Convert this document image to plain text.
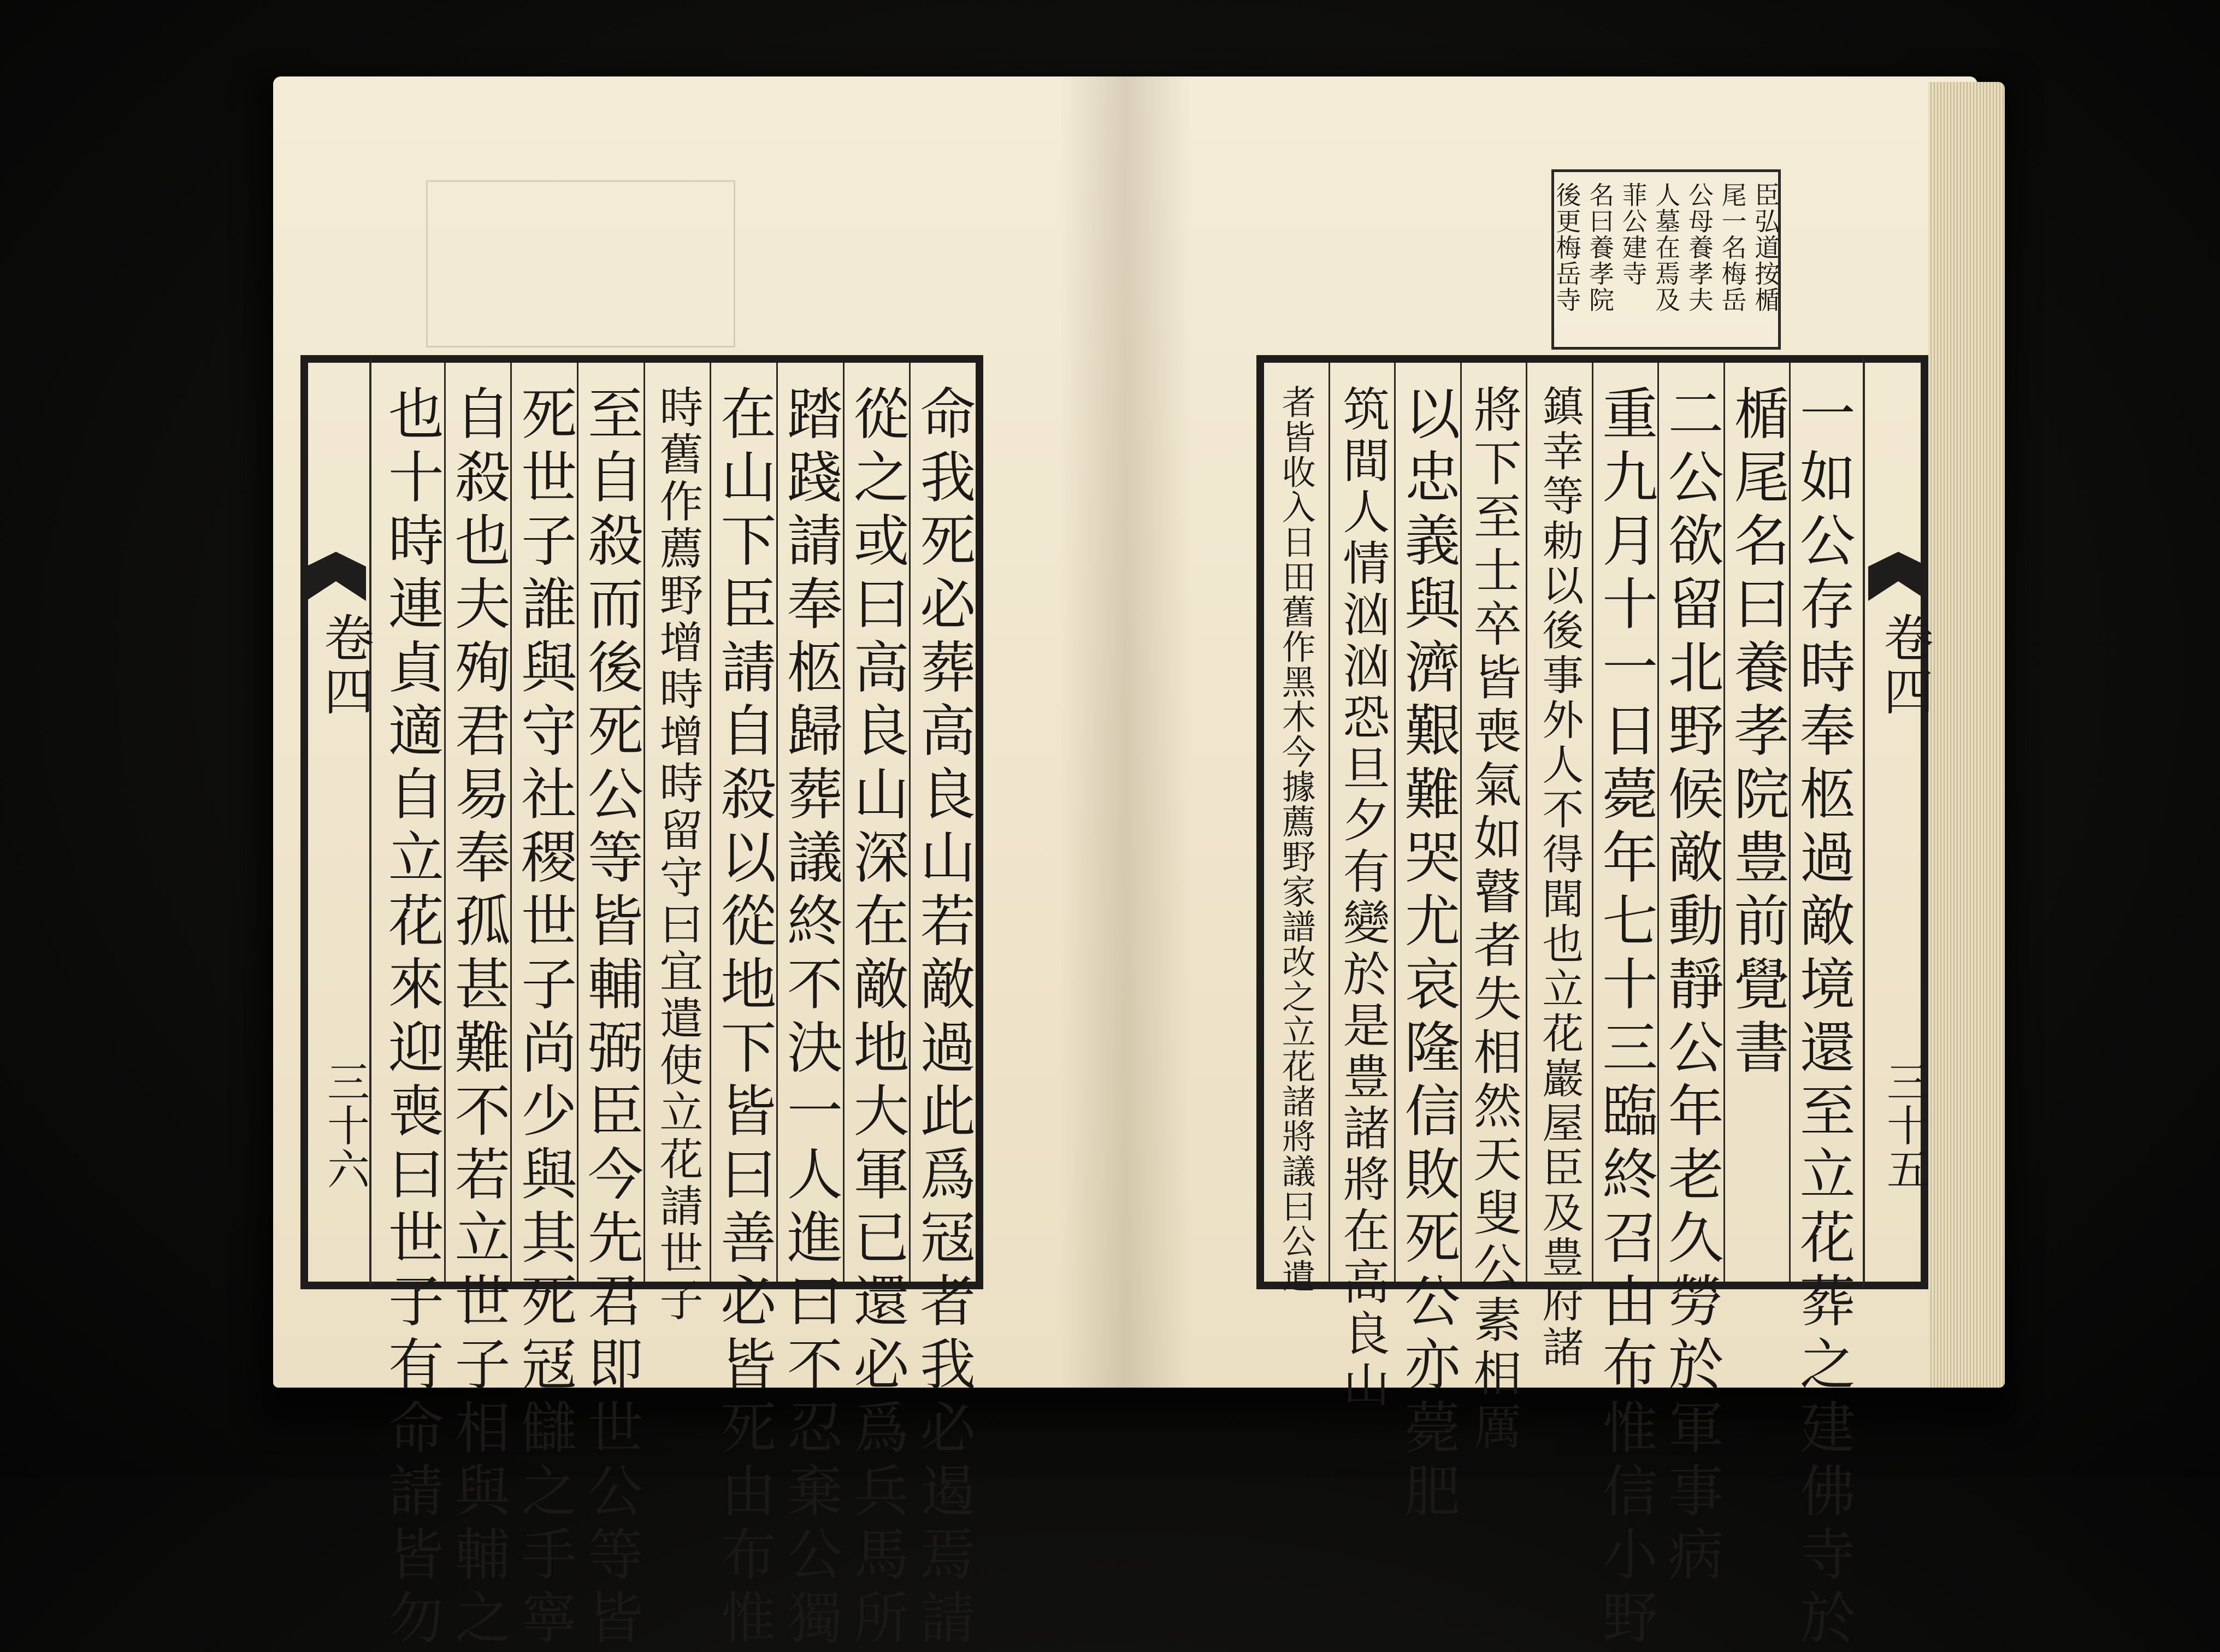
臣弘道按楯
尾一名梅岳
公母養孝夫
人墓在焉及
菲公建寺
名曰養孝院
後更梅岳寺
一如公存時奉柩過敵境還至立花葬之建佛寺於
楯尾名曰養孝院豊前覺書
二公欲留北野候敵動靜公年老久勞於軍事病
重九月十一日薨年七十三臨終召由布惟信小野
鎮幸等勅以後事外人不得聞也立花巖屋臣及豊府諸
將下至士卒皆喪氣如瞽者失相然天叟公素相厲
以忠義與濟艱難哭尤哀隆信敗死公亦薨肥
筑間人情汹汹恐旦夕有變於是豊諸將在高良山
者皆收入日田舊作黑木今據薦野家譜改之立花諸將議曰公遺	卷四
三十五
命我死必葬高良山若敵過此爲冦者我必遏焉請
從之或曰高良山深在敵地大軍已還必爲兵馬所
踏踐請奉柩歸葬議終不決一人進曰不忍棄公獨
在山下臣請自殺以從地下皆曰善必皆死由布惟
時舊作薦野增時增時留守曰宜遣使立花請世子
至自殺而後死公等皆輔弼臣今先君即世公等皆
死世子誰與守社稷世子尚少與其死冦讎之手寧
自殺也夫殉君易奉孤甚難不若立世子相與輔之
也十時連貞適自立花來迎喪曰世子有命請皆勿
卷四
三十六
